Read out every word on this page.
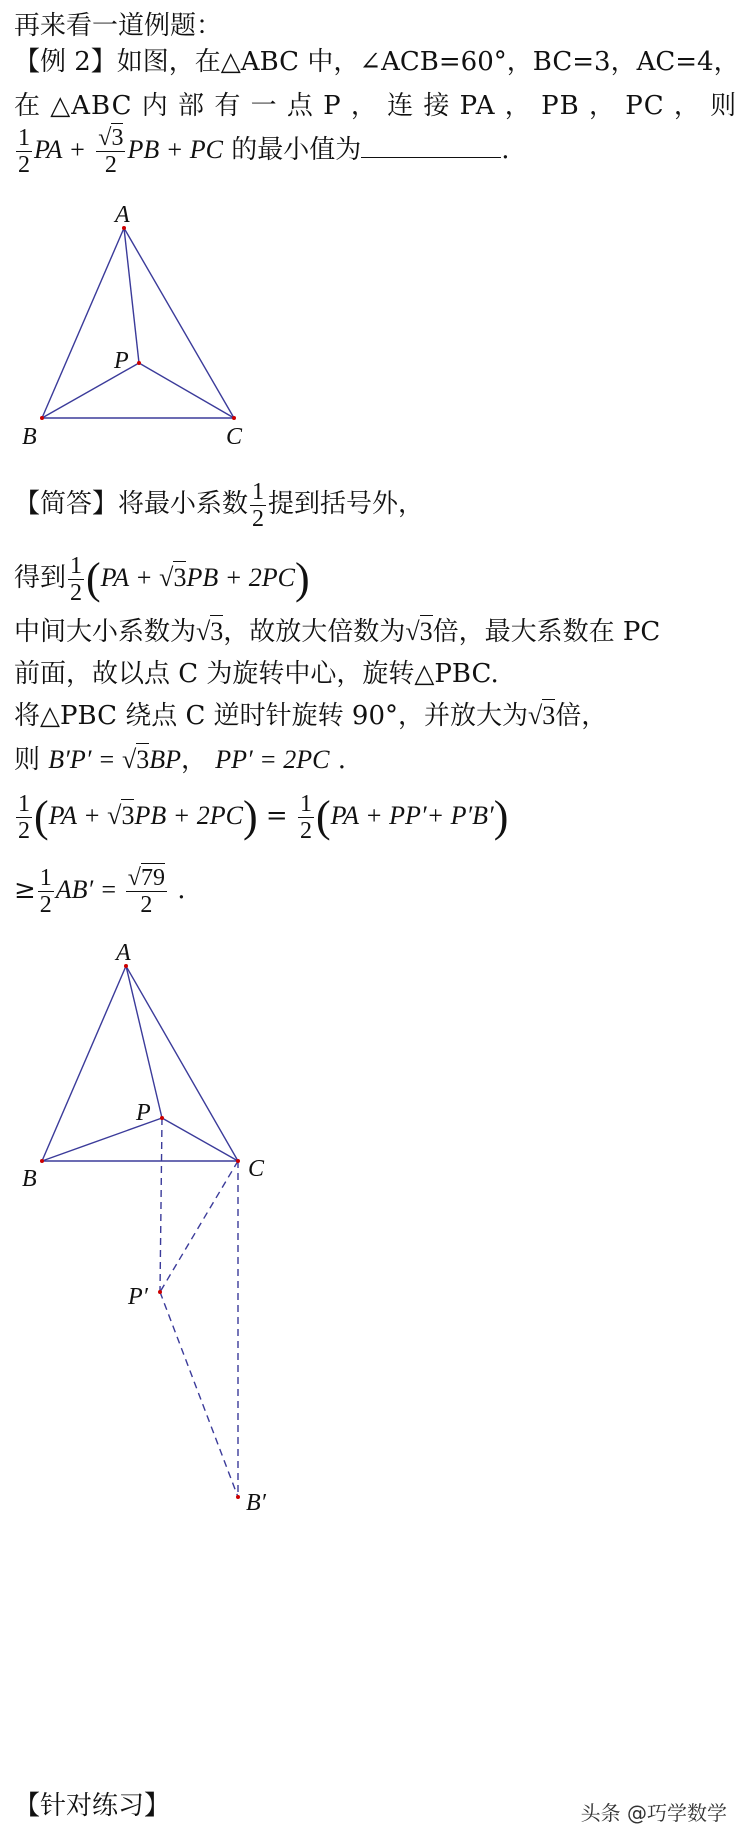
再来看一道例题：
【例 2】如图，在△ABC 中，∠ACB=60°，BC=3，AC=4，
在 △ABC 内 部 有 一 点 P ， 连 接 PA ， PB ， PC ， 则
$\frac{1}{2}$ PA + $\frac{√3}{2}$ PB + PC 的最小值为	.
A
B	C
P
【简答】将最小系数 $\frac{1}{2}$ 提到括号外，
得到 $\frac{1}{2} (PA + √3PB + 2PC)$
中间大小系数为√3，故放大倍数为√3倍，最大系数在 PC
前面，故以点 C 为旋转中心，旋转△PBC.
将△PBC 绕点 C 逆时针旋转 90°，并放大为√3倍，
则 B′P′ = √3BP， PP′ = 2PC .
$\frac{1}{2} (PA + √3PB + 2PC) = \frac{1}{2} (PA + PP'+ P'B')$
≥ $\frac{1}{2} AB' = \frac{√79}{2}$ .
A
B	C
P
P′
B′
【针对练习】	头条 @巧学数学
